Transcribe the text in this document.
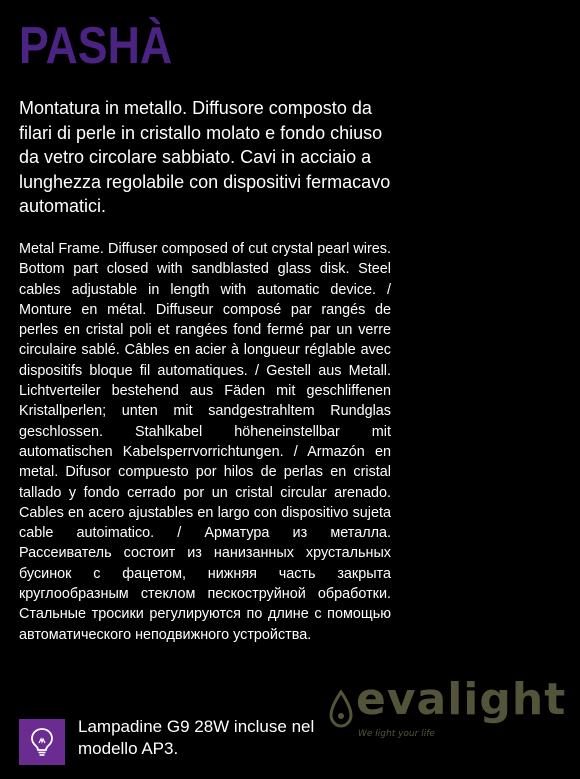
PASHÀ

Montatura in metallo. Diffusore composto da filari di perle in cristallo molato e fondo chiuso da vetro circolare sabbiato. Cavi in acciaio a lunghezza regolabile con dispositivi fermacavo automatici.

Metal Frame. Diffuser composed of cut crystal pearl wires. Bottom part closed with sandblasted glass disk. Steel cables adjustable in length with automatic device. / Monture en métal. Diffuseur composé par rangés de perles en cristal poli et rangées fond fermé par un verre circulaire sablé. Câbles en acier à longueur réglable avec dispositifs bloque fil automatiques. / Gestell aus Metall. Lichtverteiler bestehend aus Fäden mit geschliffenen Kristallperlen; unten mit sandgestrahltem Rundglas geschlossen. Stahlkabel höheneinstellbar mit automatischen Kabelsperrvorrichtungen. / Armazón en metal. Difusor compuesto por hilos de perlas en cristal tallado y fondo cerrado por un cristal circular arenado. Cables en acero ajustables en largo con dispositivo sujeta cable autoimatico. / Арматура из металла. Рассеиватель состоит из нанизанных хрустальных бусинок с фацетом, нижняя часть закрыта круглообразным стеклом пескоструйной обработки. Стальные тросики регулируются по длине с помощью автоматического неподвижного устройства.

Lampadine G9 28W incluse nel modello AP3.

evalight
We light your life
